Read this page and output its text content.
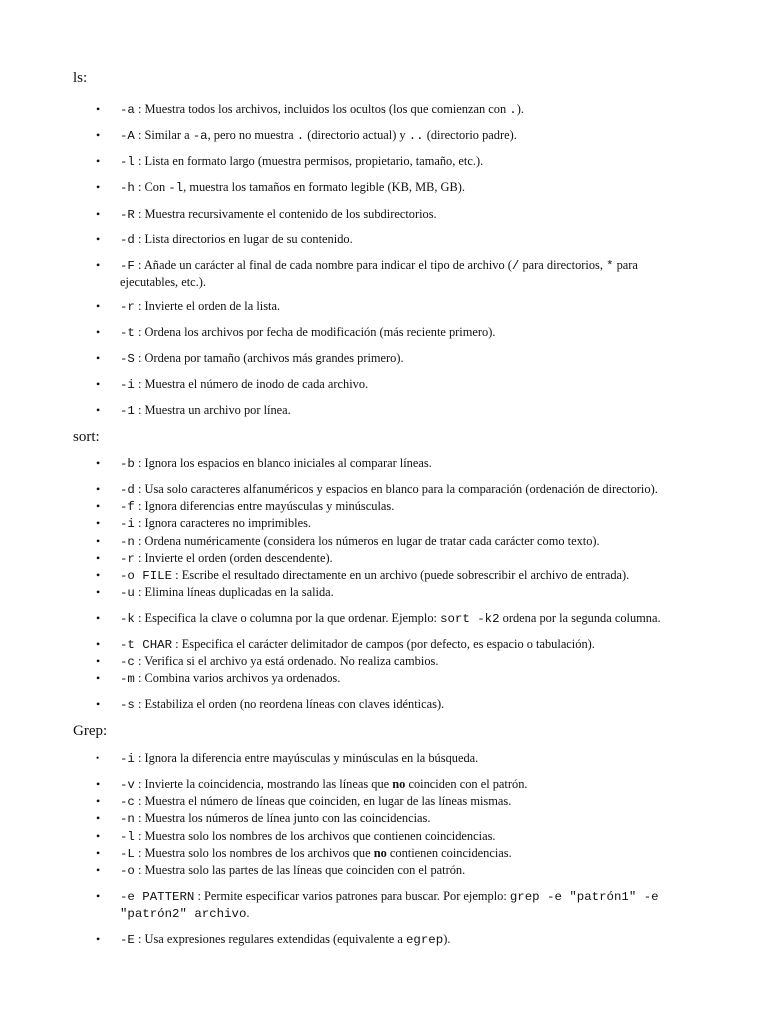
ls:
• -a : Muestra todos los archivos, incluidos los ocultos (los que comienzan con .).
• -A : Similar a -a, pero no muestra . (directorio actual) y .. (directorio padre).
• -l : Lista en formato largo (muestra permisos, propietario, tamaño, etc.).
• -h : Con -l, muestra los tamaños en formato legible (KB, MB, GB).
• -R : Muestra recursivamente el contenido de los subdirectorios.
• -d : Lista directorios en lugar de su contenido.
• -F : Añade un carácter al final de cada nombre para indicar el tipo de archivo (/ para directorios, * para ejecutables, etc.).
• -r : Invierte el orden de la lista.
• -t : Ordena los archivos por fecha de modificación (más reciente primero).
• -S : Ordena por tamaño (archivos más grandes primero).
• -i : Muestra el número de inodo de cada archivo.
• -1 : Muestra un archivo por línea.
sort:
• -b : Ignora los espacios en blanco iniciales al comparar líneas.
• -d : Usa solo caracteres alfanuméricos y espacios en blanco para la comparación (ordenación de directorio).
• -f : Ignora diferencias entre mayúsculas y minúsculas.
• -i : Ignora caracteres no imprimibles.
• -n : Ordena numéricamente (considera los números en lugar de tratar cada carácter como texto).
• -r : Invierte el orden (orden descendente).
• -o FILE : Escribe el resultado directamente en un archivo (puede sobrescribir el archivo de entrada).
• -u : Elimina líneas duplicadas en la salida.
• -k : Especifica la clave o columna por la que ordenar. Ejemplo: sort -k2 ordena por la segunda columna.
• -t CHAR : Especifica el carácter delimitador de campos (por defecto, es espacio o tabulación).
• -c : Verifica si el archivo ya está ordenado. No realiza cambios.
• -m : Combina varios archivos ya ordenados.
• -s : Estabiliza el orden (no reordena líneas con claves idénticas).
Grep:
• -i : Ignora la diferencia entre mayúsculas y minúsculas en la búsqueda.
• -v : Invierte la coincidencia, mostrando las líneas que no coinciden con el patrón.
• -c : Muestra el número de líneas que coinciden, en lugar de las líneas mismas.
• -n : Muestra los números de línea junto con las coincidencias.
• -l : Muestra solo los nombres de los archivos que contienen coincidencias.
• -L : Muestra solo los nombres de los archivos que no contienen coincidencias.
• -o : Muestra solo las partes de las líneas que coinciden con el patrón.
• -e PATTERN : Permite especificar varios patrones para buscar. Por ejemplo: grep -e "patrón1" -e "patrón2" archivo.
• -E : Usa expresiones regulares extendidas (equivalente a egrep).
